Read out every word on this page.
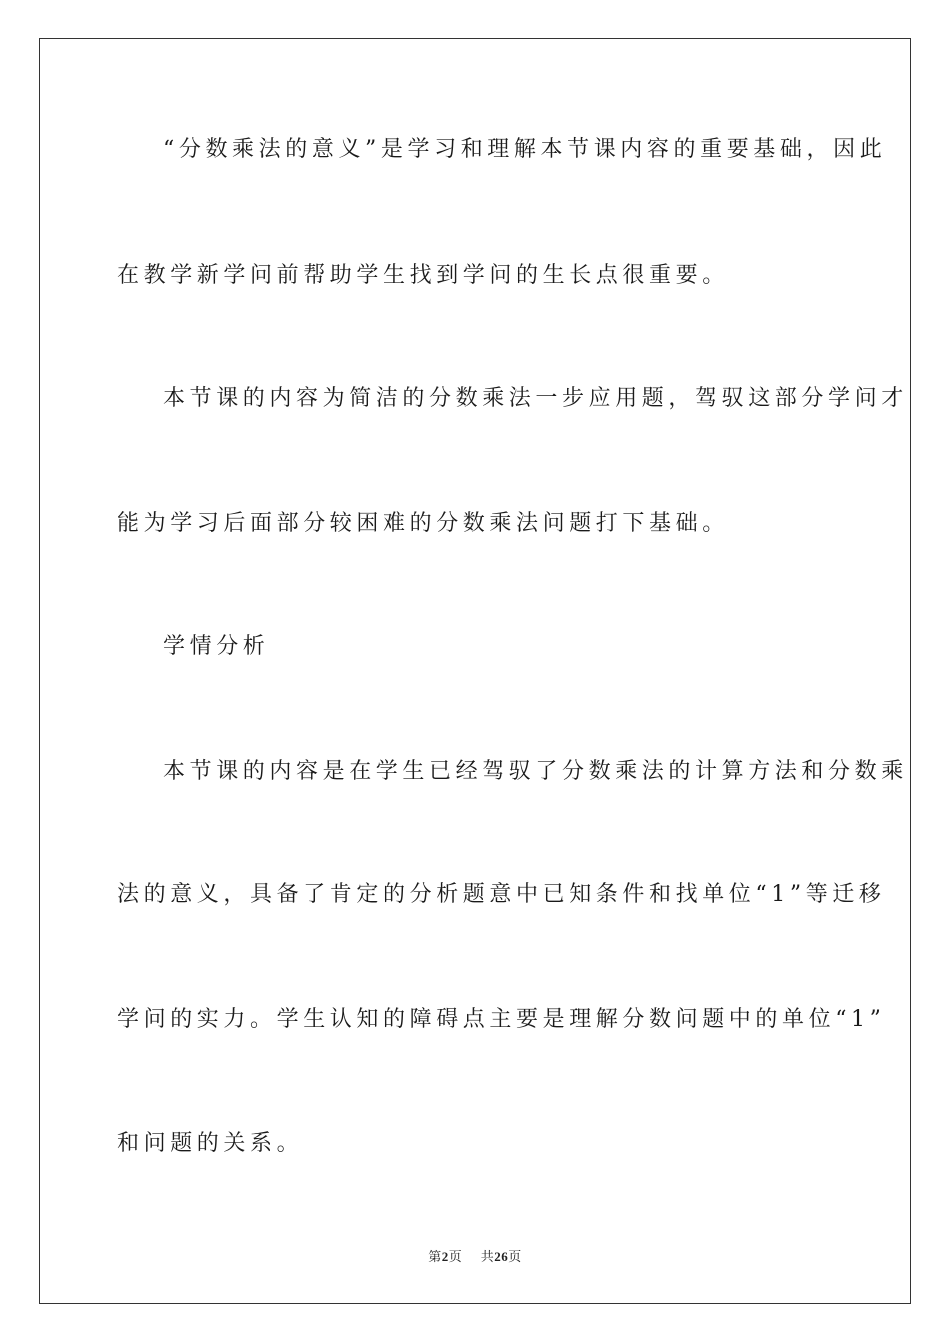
“分数乘法的意义”是学习和理解本节课内容的重要基础，因此
在教学新学问前帮助学生找到学问的生长点很重要。
本节课的内容为简洁的分数乘法一步应用题，驾驭这部分学问才
能为学习后面部分较困难的分数乘法问题打下基础。
学情分析
本节课的内容是在学生已经驾驭了分数乘法的计算方法和分数乘
法的意义，具备了肯定的分析题意中已知条件和找单位“1”等迁移
学问的实力。学生认知的障碍点主要是理解分数问题中的单位“1”
和问题的关系。
第2页 共26页
